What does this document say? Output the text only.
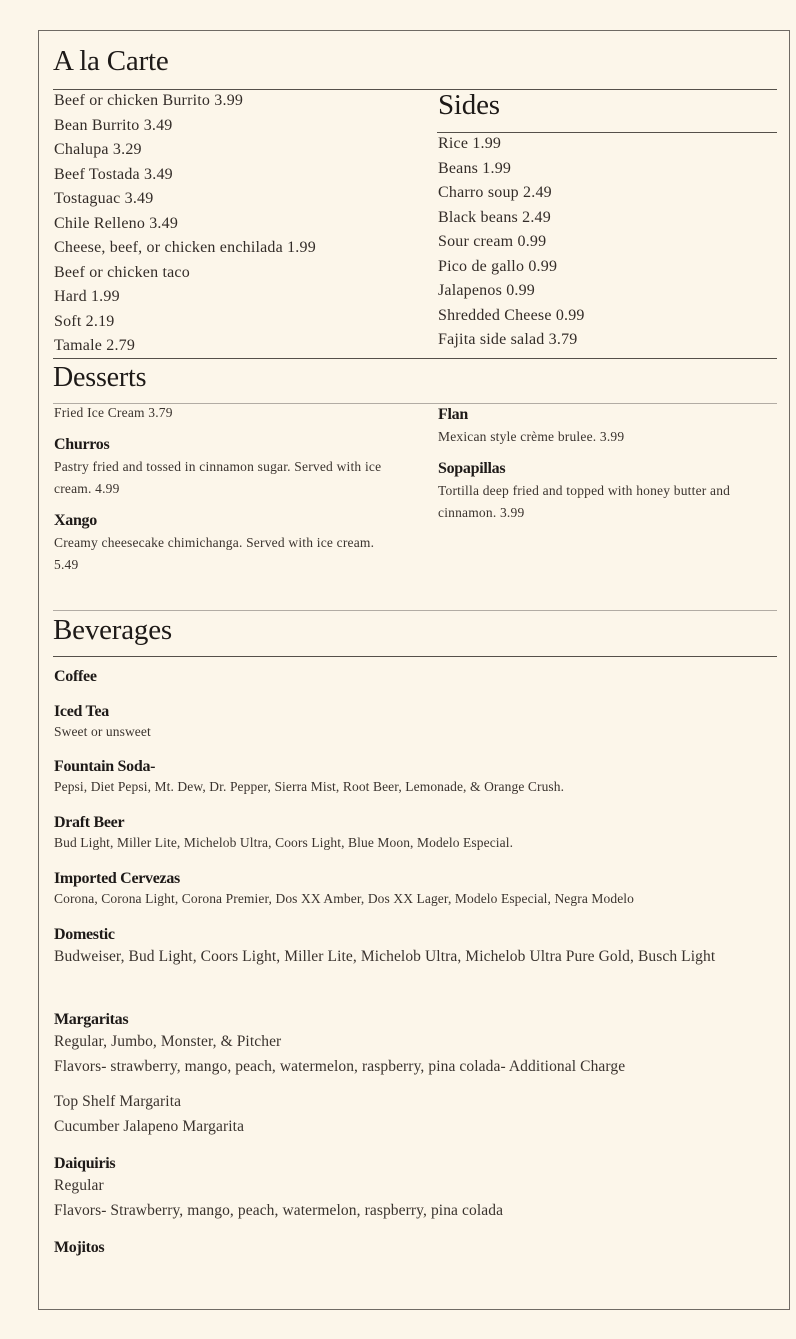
A la Carte
Beef or chicken Burrito 3.99
Bean Burrito 3.49
Chalupa 3.29
Beef Tostada 3.49
Tostaguac 3.49
Chile Relleno 3.49
Cheese, beef, or chicken enchilada 1.99
Beef or chicken taco
Hard 1.99
Soft 2.19
Tamale 2.79
Sides
Rice 1.99
Beans 1.99
Charro soup 2.49
Black beans 2.49
Sour cream 0.99
Pico de gallo 0.99
Jalapenos 0.99
Shredded Cheese 0.99
Fajita side salad 3.79
Desserts
Fried Ice Cream 3.79

Churros

Pastry fried and tossed in cinnamon sugar. Served with ice cream. 4.99

Xango

Creamy cheesecake chimichanga. Served with ice cream. 5.49

Flan

Mexican style crème brulee. 3.99

Sopapillas

Tortilla deep fried and topped with honey butter and cinnamon. 3.99

Beverages

Coffee

Iced Tea

Sweet or unsweet

Fountain Soda-

Pepsi, Diet Pepsi, Mt. Dew, Dr. Pepper, Sierra Mist, Root Beer, Lemonade, & Orange Crush.

Draft Beer

Bud Light, Miller Lite, Michelob Ultra, Coors Light, Blue Moon, Modelo Especial.

Imported Cervezas

Corona, Corona Light, Corona Premier, Dos XX Amber, Dos XX Lager, Modelo Especial, Negra Modelo

Domestic

Budweiser, Bud Light, Coors Light, Miller Lite, Michelob Ultra, Michelob Ultra Pure Gold, Busch Light

Margaritas

Regular, Jumbo, Monster, & Pitcher

Flavors- strawberry, mango, peach, watermelon, raspberry, pina colada- Additional Charge

Top Shelf Margarita

Cucumber Jalapeno Margarita

Daiquiris

Regular

Flavors- Strawberry, mango, peach, watermelon, raspberry, pina colada

Mojitos
